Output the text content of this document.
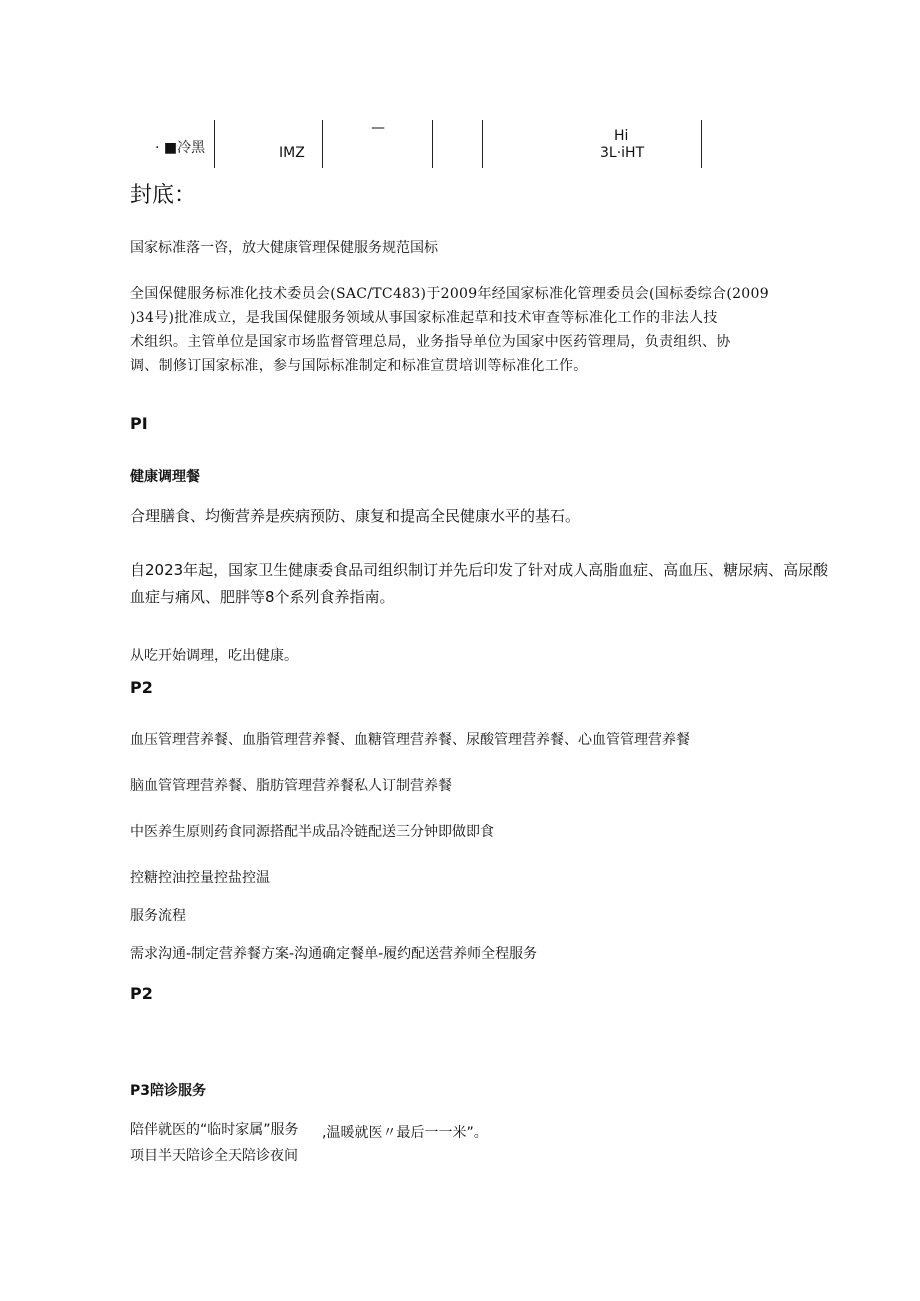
· ■冷黑	IMZ
—	Hi
3L·iHT
封底：
国家标准落一咨，放大健康管理保健服务规范国标
全国保健服务标准化技术委员会(SAC/TC483)于2009年经国家标准化管理委员会(国标委综合(2009
)34号)批准成立，是我国保健服务领域从事国家标准起草和技术审查等标准化工作的非法人技
术组织。主管单位是国家市场监督管理总局，业务指导单位为国家中医药管理局，负责组织、协
调、制修订国家标准，参与国际标准制定和标准宣贯培训等标准化工作。
PI
健康调理餐
合理膳食、均衡营养是疾病预防、康复和提高全民健康水平的基石。
自2023年起，国家卫生健康委食品司组织制订并先后印发了针对成人高脂血症、高血压、糖尿病、高尿酸
血症与痛风、肥胖等8个系列食养指南。
从吃开始调理，吃出健康。
P2
血压管理营养餐、血脂管理营养餐、血糖管理营养餐、尿酸管理营养餐、心血管管理营养餐
脑血管管理营养餐、脂肪管理营养餐私人订制营养餐
中医养生原则药食同源搭配半成品冷链配送三分钟即做即食
控糖控油控量控盐控温
服务流程
需求沟通-制定营养餐方案-沟通确定餐单-履约配送营养师全程服务
P2
P3陪诊服务
陪伴就医的“临时家属”服务 ,温暖就医〃最后一一米”。
项目半天陪诊全天陪诊夜间
